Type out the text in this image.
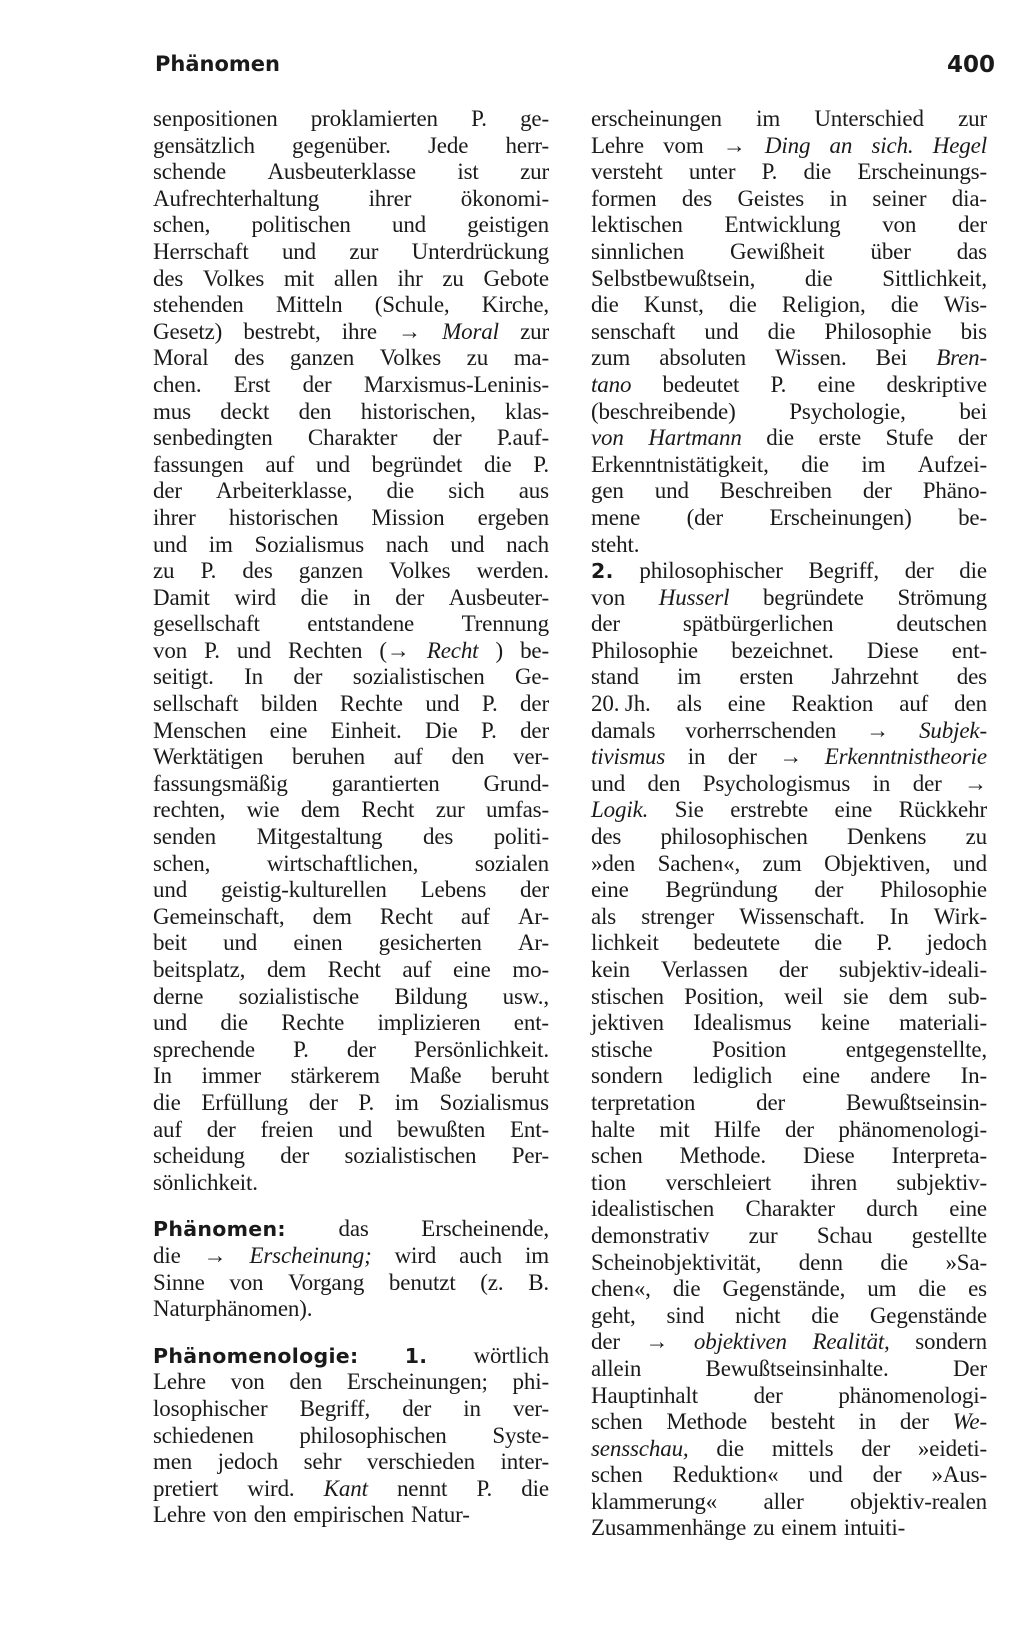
Phänomen	400
senpositionen proklamierten P. ge-
gensätzlich gegenüber. Jede herr-
schende Ausbeuterklasse ist zur
Aufrechterhaltung ihrer ökonomi-
schen, politischen und geistigen
Herrschaft und zur Unterdrückung
des Volkes mit allen ihr zu Gebote
stehenden Mitteln (Schule, Kirche,
Gesetz) bestrebt, ihre → Moral zur
Moral des ganzen Volkes zu ma-
chen. Erst der Marxismus-Leninis-
mus deckt den historischen, klas-
senbedingten Charakter der P.auf-
fassungen auf und begründet die P.
der Arbeiterklasse, die sich aus
ihrer historischen Mission ergeben
und im Sozialismus nach und nach
zu P. des ganzen Volkes werden.
Damit wird die in der Ausbeuter-
gesellschaft entstandene Trennung
von P. und Rechten (→ Recht ) be-
seitigt. In der sozialistischen Ge-
sellschaft bilden Rechte und P. der
Menschen eine Einheit. Die P. der
Werktätigen beruhen auf den ver-
fassungsmäßig garantierten Grund-
rechten, wie dem Recht zur umfas-
senden Mitgestaltung des politi-
schen, wirtschaftlichen, sozialen
und geistig-kulturellen Lebens der
Gemeinschaft, dem Recht auf Ar-
beit und einen gesicherten Ar-
beitsplatz, dem Recht auf eine mo-
derne sozialistische Bildung usw.,
und die Rechte implizieren ent-
sprechende P. der Persönlichkeit.
In immer stärkerem Maße beruht
die Erfüllung der P. im Sozialismus
auf der freien und bewußten Ent-
scheidung der sozialistischen Per-
sönlichkeit.
Phänomen: das Erscheinende,
die → Erscheinung; wird auch im
Sinne von Vorgang benutzt (z. B.
Naturphänomen).
Phänomenologie: 1. wörtlich
Lehre von den Erscheinungen; phi-
losophischer Begriff, der in ver-
schiedenen philosophischen Syste-
men jedoch sehr verschieden inter-
pretiert wird. Kant nennt P. die
Lehre von den empirischen Natur-
erscheinungen im Unterschied zur
Lehre vom → Ding an sich. Hegel
versteht unter P. die Erscheinungs-
formen des Geistes in seiner dia-
lektischen Entwicklung von der
sinnlichen Gewißheit über das
Selbstbewußtsein, die Sittlichkeit,
die Kunst, die Religion, die Wis-
senschaft und die Philosophie bis
zum absoluten Wissen. Bei Bren-
tano bedeutet P. eine deskriptive
(beschreibende) Psychologie, bei
von Hartmann die erste Stufe der
Erkenntnistätigkeit, die im Aufzei-
gen und Beschreiben der Phäno-
mene (der Erscheinungen) be-
steht.
2. philosophischer Begriff, der die
von Husserl begründete Strömung
der	spätbürgerlichen	deutschen
Philosophie bezeichnet. Diese ent-
stand im ersten Jahrzehnt des
20. Jh. als eine Reaktion auf den
damals vorherrschenden → Subjek-
tivismus in der → Erkenntnistheorie
und den Psychologismus in der →
Logik. Sie erstrebte eine Rückkehr
des philosophischen Denkens zu
»den Sachen«, zum Objektiven, und
eine Begründung der Philosophie
als strenger Wissenschaft. In Wirk-
lichkeit bedeutete die P. jedoch
kein Verlassen der subjektiv-ideali-
stischen Position, weil sie dem sub-
jektiven Idealismus keine materiali-
stische	Position	entgegenstellte,
sondern lediglich eine andere In-
terpretation	der	Bewußtseinsin-
halte mit Hilfe der phänomenologi-
schen Methode. Diese Interpreta-
tion verschleiert ihren subjektiv-
idealistischen Charakter durch eine
demonstrativ zur Schau gestellte
Scheinobjektivität, denn die »Sa-
chen«, die Gegenstände, um die es
geht, sind nicht die Gegenstände
der → objektiven Realität, sondern
allein	Bewußtseinsinhalte.	Der
Hauptinhalt der phänomenologi-
schen Methode besteht in der We-
sensschau, die mittels der »eideti-
schen Reduktion« und der »Aus-
klammerung« aller objektiv-realen
Zusammenhänge zu einem intuiti-
